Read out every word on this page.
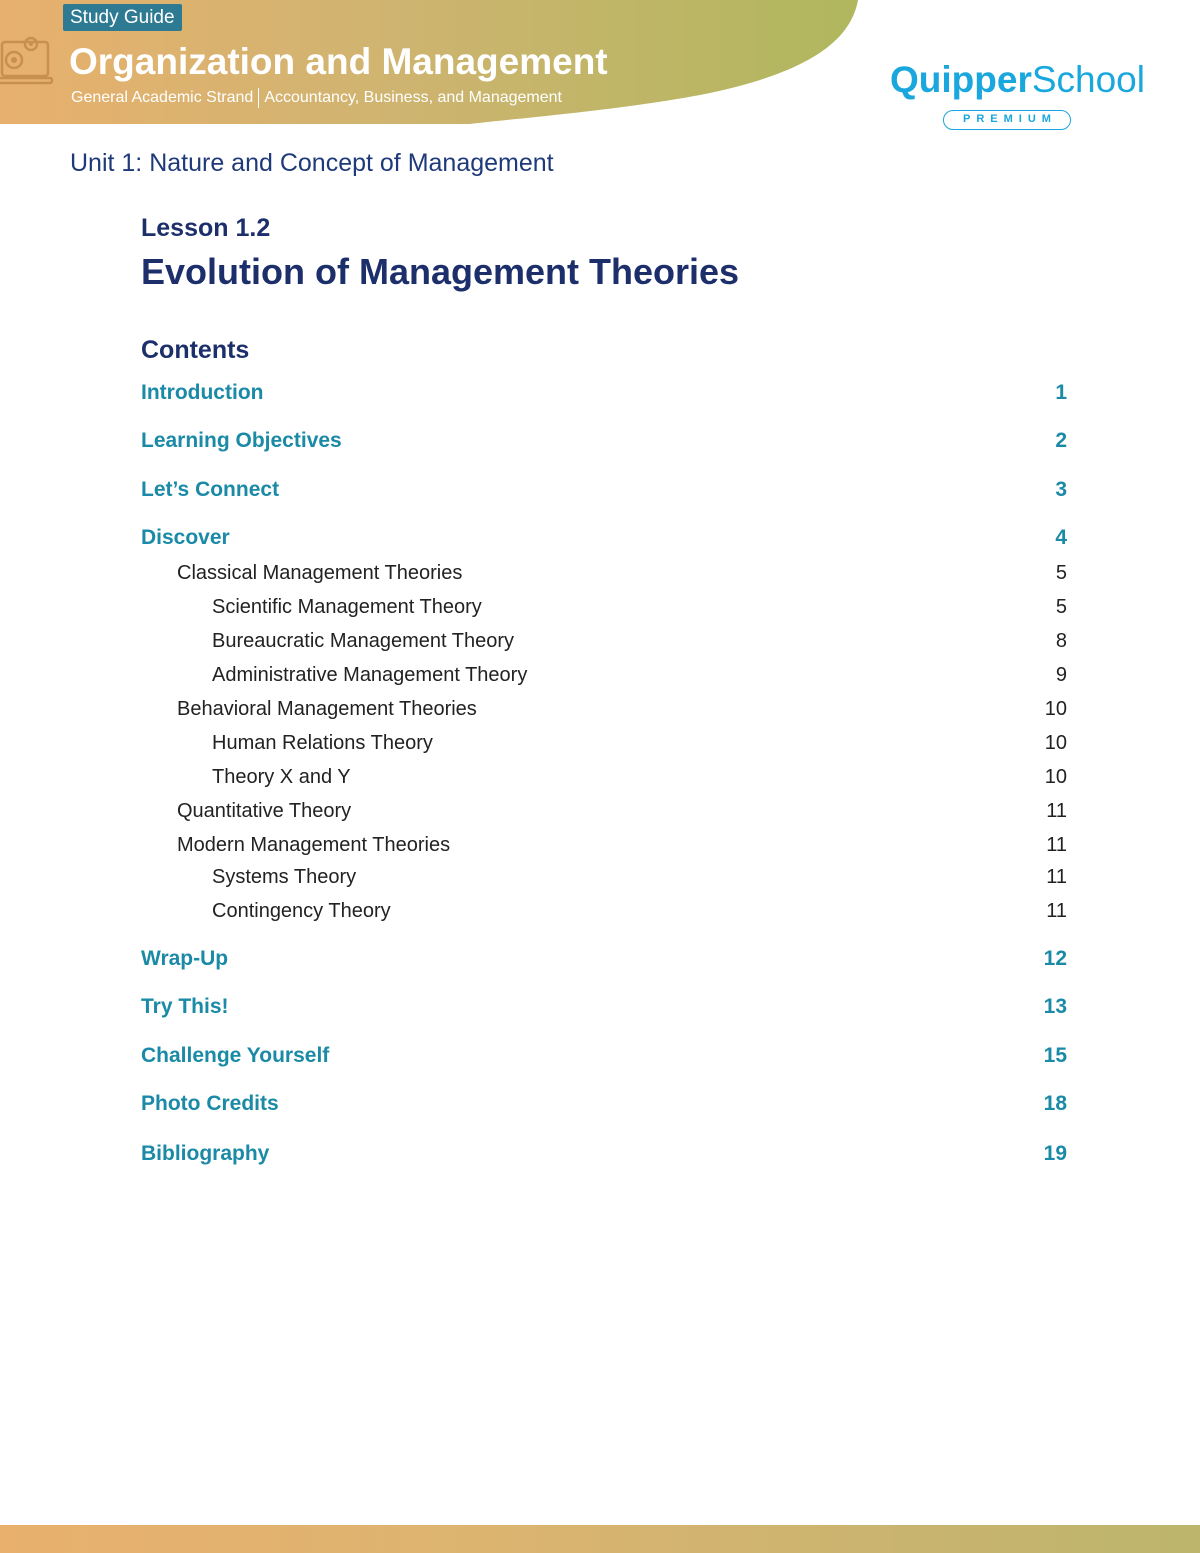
Study Guide
Organization and Management
General Academic Strand Accountancy, Business, and Management	QuipperSchool
PREMIUM
Unit 1: Nature and Concept of Management
Lesson 1.2
Evolution of Management Theories
Contents
Introduction	1
Learning Objectives	2
Let’s Connect	3
Discover	4
Classical Management Theories	5
Scientific Management Theory	5
Bureaucratic Management Theory	8
Administrative Management Theory	9
Behavioral Management Theories	10
Human Relations Theory	10
Theory X and Y	10
Quantitative Theory	11
Modern Management Theories	11
Systems Theory	11
Contingency Theory	11
Wrap-Up	12
Try This!	13
Challenge Yourself	15
Photo Credits	18
Bibliography	19
